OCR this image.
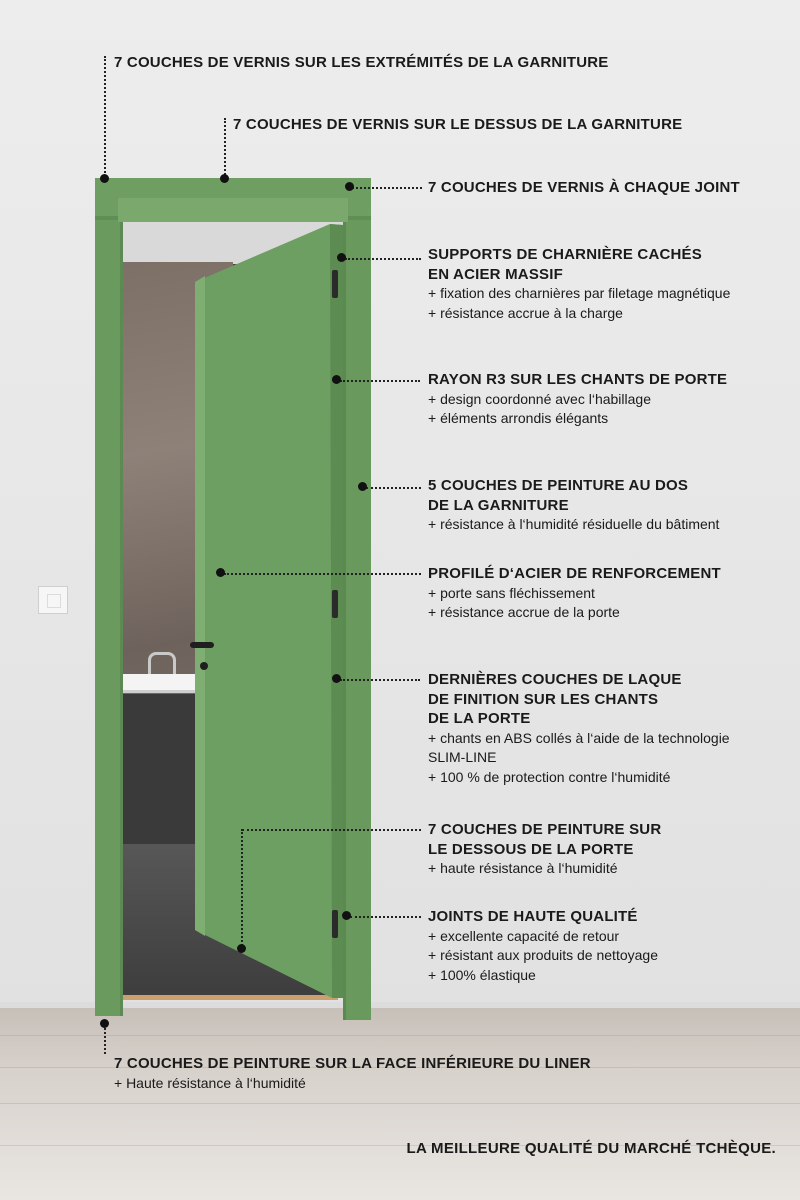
7 COUCHES DE VERNIS SUR LES EXTRÉMITÉS DE LA GARNITURE
7 COUCHES DE VERNIS SUR LE DESSUS DE LA GARNITURE
7 COUCHES DE VERNIS À CHAQUE JOINT
SUPPORTS DE CHARNIÈRE CACHÉS
EN ACIER MASSIF
+ fixation des charnières par filetage magnétique
+ résistance accrue à la charge
RAYON R3 SUR LES CHANTS DE PORTE
+ design coordonné avec l‘habillage
+ éléments arrondis élégants
5 COUCHES DE PEINTURE AU DOS
DE LA GARNITURE
+ résistance à l‘humidité résiduelle du bâtiment
PROFILÉ D‘ACIER DE RENFORCEMENT
+ porte sans fléchissement
+ résistance accrue de la porte
DERNIÈRES COUCHES DE LAQUE
DE FINITION SUR LES CHANTS
DE LA PORTE
+ chants en ABS collés à l‘aide de la technologie
SLIM-LINE
+ 100 % de protection contre l‘humidité
7 COUCHES DE PEINTURE SUR
LE DESSOUS DE LA PORTE
+ haute résistance à l‘humidité
JOINTS DE HAUTE QUALITÉ
+ excellente capacité de retour
+ résistant aux produits de nettoyage
+ 100% élastique
7 COUCHES DE PEINTURE SUR LA FACE INFÉRIEURE DU LINER
+ Haute résistance à l‘humidité
LA MEILLEURE QUALITÉ DU MARCHÉ TCHÈQUE.
